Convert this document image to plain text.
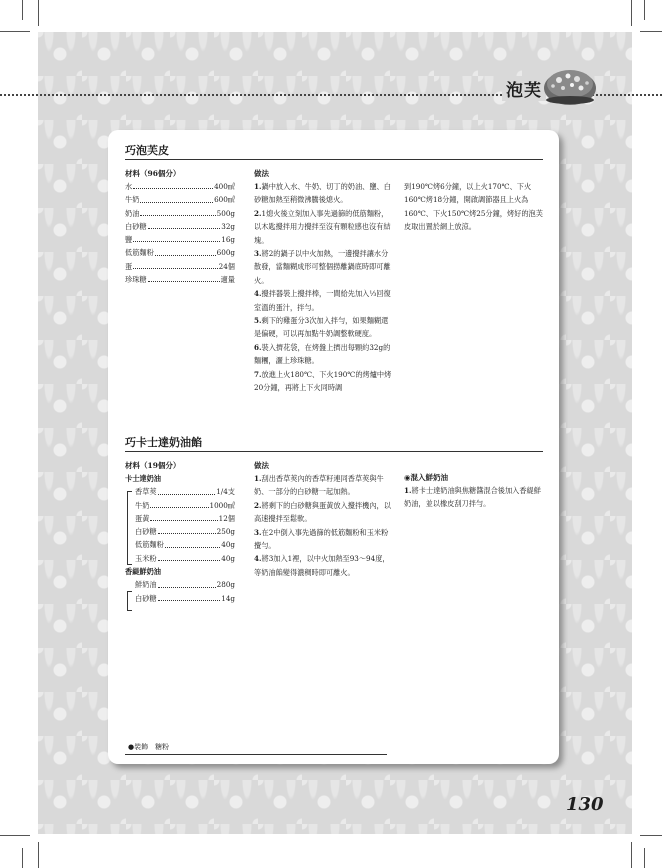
泡芙
巧泡芙皮
材料（96個分）
水	400㎖
牛奶	600㎖
奶油	500g
白砂糖	32g
鹽	16g
低筋麵粉	600g
蛋	24個
珍珠糖	適量
做法

1.鍋中放入水、牛奶、切丁的奶油、鹽、白砂糖加熱至稍微沸騰後熄火。

2.1熄火後立刻加入事先過篩的低筋麵粉，以木匙攪拌用力攪拌至沒有顆粒感也沒有結塊。

3.將2的鍋子以中火加熱，一邊攪拌讓水分散發，當麵糊成形可整個撈離鍋底時即可離火。

4.攪拌器裝上攪拌棒，一間給先加入⅓回復室溫的蛋汁，拌勻。

5.剩下的雞蛋分3次加入拌勻，如果麵糊還是偏硬，可以再加點牛奶調整軟硬度。

6.裝入擠花袋，在烤盤上擠出每顆約32g的麵糰，灑上珍珠糖。

7.放進上火180℃、下火190℃的烤爐中烤20分鐘，再將上下火同時調

到190℃烤6分鐘，以上火170℃、下火160℃烤18分鐘，開啟調節器且上火為160℃、下火150℃烤25分鐘，烤好的泡芙皮取出置於網上放涼。

巧卡士達奶油餡
材料（19個分）
卡士達奶油
香草莢	1/4支
牛奶	1000㎖
蛋黃	12個
白砂糖	250g
低筋麵粉	40g
玉米粉	40g
香緹鮮奶油
鮮奶油	280g
白砂糖	14g
做法

1.刮出香草莢內的香草籽連同香草莢與牛奶、一部分的白砂糖一起加熱。

2.將剩下的白砂糖與蛋黃放入攪拌機內，以高速攪拌至鬆軟。

3.在2中倒入事先過篩的低筋麵粉和玉米粉攪勻。

4.將3加入1裡，以中火加熱至93～94度，等奶油餡變得濃稠時即可離火。

◉混入鮮奶油

1.將卡士達奶油與焦糖醬混合後加入香緹鮮奶油，並以橡皮刮刀拌勻。

●裝飾　糖粉
130
